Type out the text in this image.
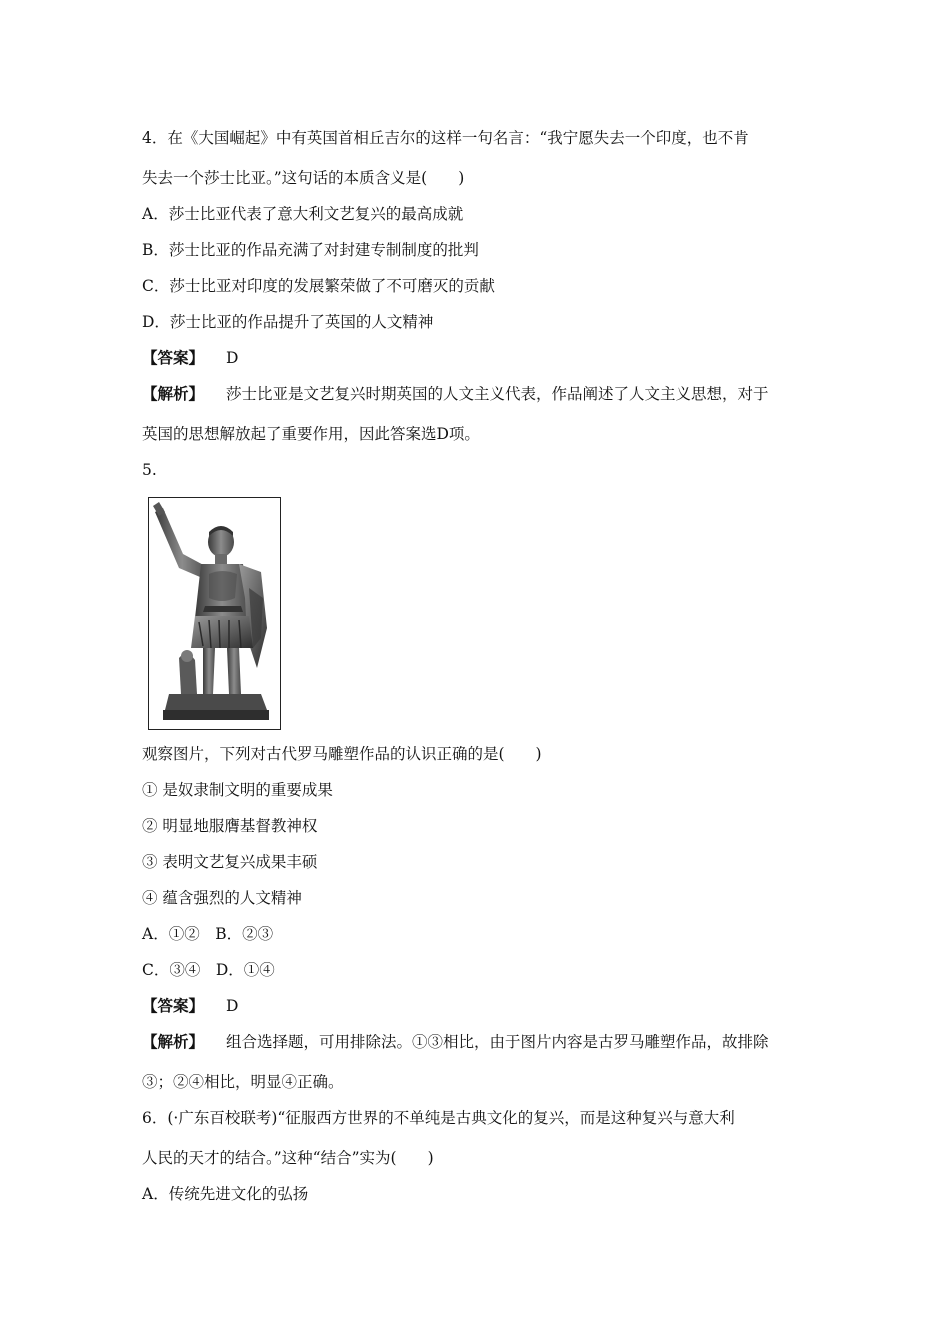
4．在《大国崛起》中有英国首相丘吉尔的这样一句名言：“我宁愿失去一个印度，也不肯
失去一个莎士比亚。”这句话的本质含义是(　　)
A．莎士比亚代表了意大利文艺复兴的最高成就
B．莎士比亚的作品充满了对封建专制制度的批判
C．莎士比亚对印度的发展繁荣做了不可磨灭的贡献
D．莎士比亚的作品提升了英国的人文精神
【答案】 D
【解析】 莎士比亚是文艺复兴时期英国的人文主义代表，作品阐述了人文主义思想，对于
英国的思想解放起了重要作用，因此答案选D项。
5.
观察图片，下列对古代罗马雕塑作品的认识正确的是(　　)
① 是奴隶制文明的重要成果
② 明显地服膺基督教神权
③ 表明文艺复兴成果丰硕
④ 蕴含强烈的人文精神
A．①②　B．②③
C．③④　D．①④
【答案】 D
【解析】 组合选择题，可用排除法。①③相比，由于图片内容是古罗马雕塑作品，故排除
③；②④相比，明显④正确。
6．(·广东百校联考)“征服西方世界的不单纯是古典文化的复兴，而是这种复兴与意大利
人民的天才的结合。”这种“结合”实为(　　)
A．传统先进文化的弘扬
